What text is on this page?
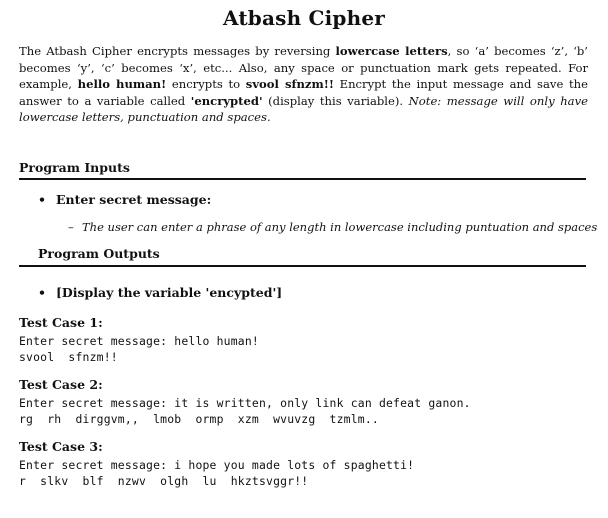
Atbash Cipher
The Atbash Cipher encrypts messages by reversing lowercase letters, so ‘a’ becomes ‘z’, ‘b’ becomes ‘y’, ‘c’ becomes ‘x’, etc... Also, any space or punctuation mark gets repeated. For example, hello human! encrypts to svool sfnzm!! Encrypt the input message and save the answer to a variable called 'encrypted' (display this variable). Note: message will only have lowercase letters, punctuation and spaces.
Program Inputs
• Enter secret message:
– The user can enter a phrase of any length in lowercase including puntuation and spaces
Program Outputs
• [Display the variable 'encypted']
Test Case 1:
Enter secret message: hello human!
svool  sfnzm!!
Test Case 2:
Enter secret message: it is written, only link can defeat ganon.
rg  rh  dirggvm,,  lmob  ormp  xzm  wvuvzg  tzmlm..
Test Case 3:
Enter secret message: i hope you made lots of spaghetti!
r  slkv  blf  nzwv  olgh  lu  hkztsvggr!!
